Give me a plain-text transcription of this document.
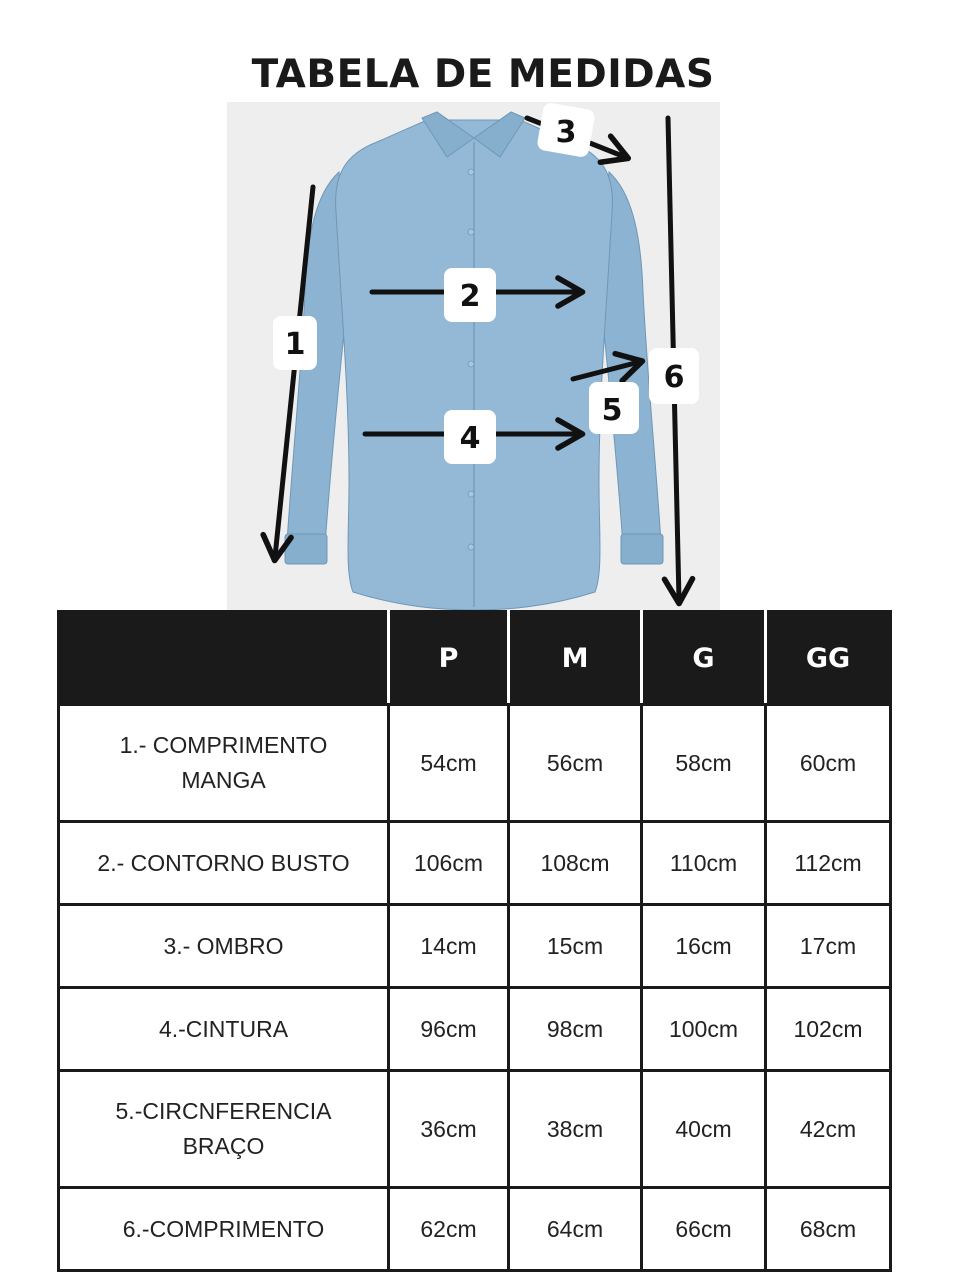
TABELA DE MEDIDAS
1
2
3
4
5
6
	P	M	G	GG
1.- COMPRIMENTO MANGA	54cm	56cm	58cm	60cm
2.- CONTORNO BUSTO	106cm	108cm	110cm	112cm
3.- OMBRO	14cm	15cm	16cm	17cm
4.-CINTURA	96cm	98cm	100cm	102cm
5.-CIRCNFERENCIA BRAÇO	36cm	38cm	40cm	42cm
6.-COMPRIMENTO	62cm	64cm	66cm	68cm
